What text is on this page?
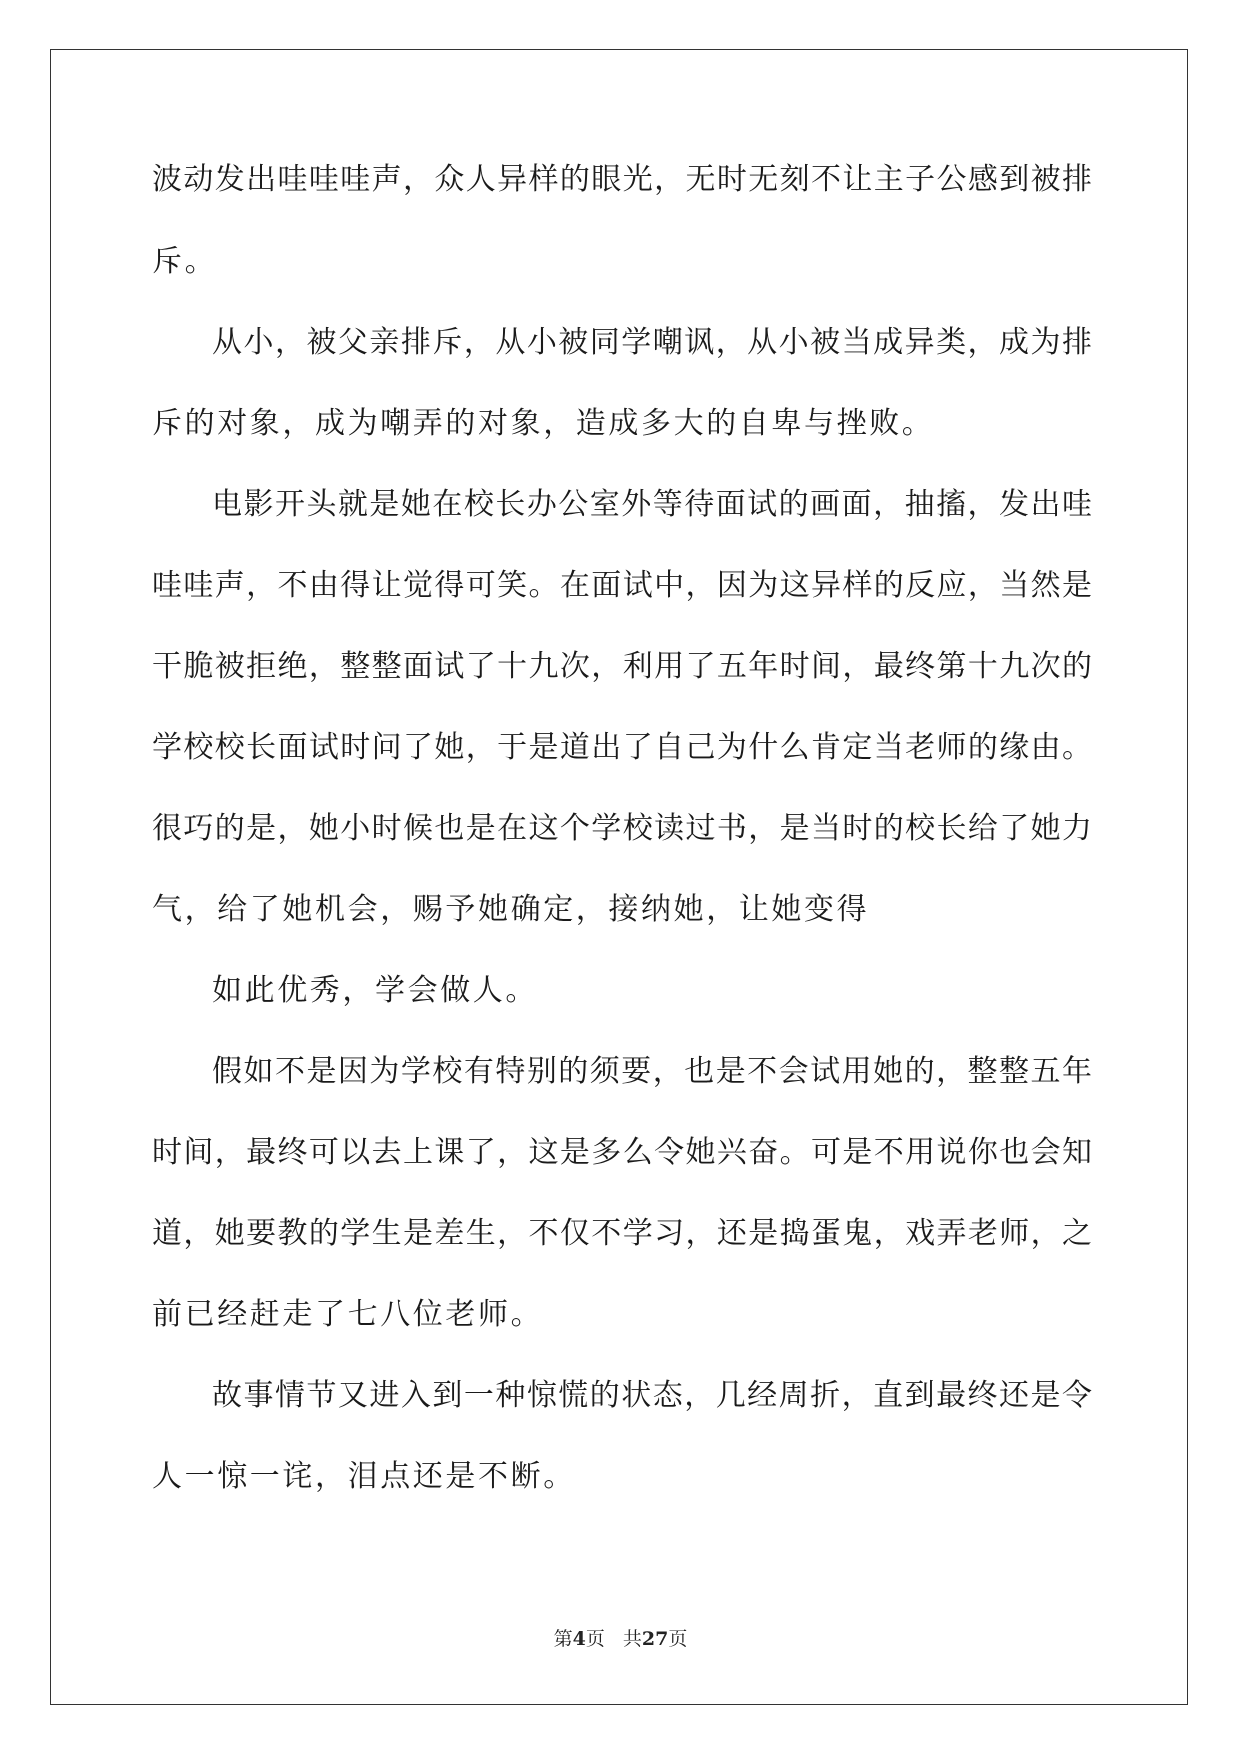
波动发出哇哇哇声，众人异样的眼光，无时无刻不让主子公感到被排
斥。
从小，被父亲排斥，从小被同学嘲讽，从小被当成异类，成为排
斥的对象，成为嘲弄的对象，造成多大的自卑与挫败。
电影开头就是她在校长办公室外等待面试的画面，抽搐，发出哇
哇哇声，不由得让觉得可笑。在面试中，因为这异样的反应，当然是
干脆被拒绝，整整面试了十九次，利用了五年时间，最终第十九次的
学校校长面试时问了她，于是道出了自己为什么肯定当老师的缘由。
很巧的是，她小时候也是在这个学校读过书，是当时的校长给了她力
气，给了她机会，赐予她确定，接纳她，让她变得
如此优秀，学会做人。
假如不是因为学校有特别的须要，也是不会试用她的，整整五年
时间，最终可以去上课了，这是多么令她兴奋。可是不用说你也会知
道，她要教的学生是差生，不仅不学习，还是捣蛋鬼，戏弄老师，之
前已经赶走了七八位老师。
故事情节又进入到一种惊慌的状态，几经周折，直到最终还是令
人一惊一诧，泪点还是不断。
第4页 共27页
